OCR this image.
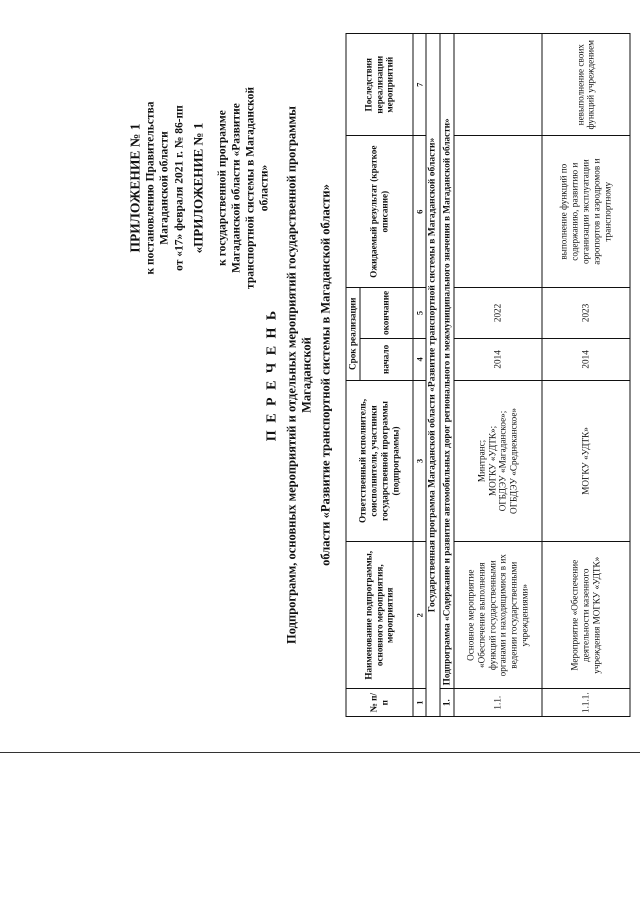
ПРИЛОЖЕНИЕ № 1 к постановлению Правительства Магаданской области от «17» февраля 2021 г. № 86-пп «ПРИЛОЖЕНИЕ № 1 к государственной программе Магаданской области «Развитие транспортной системы в Магаданской области»
П Е Р Е Ч Е Н Ь Подпрограмм, основных мероприятий и отдельных мероприятий государственной программы Магаданской области «Развитие транспортной системы в Магаданской области»
№ п/п	Наименование подпрограммы, основного мероприятия, мероприятия	Ответственный исполнитель, соисполнители, участники государственной программы (подпрограммы)	Срок реализации		Ожидаемый результат (краткое описание)	Последствия нереализации мероприятий
			начало	окончание		
1	2	3	4	5	6	7
Государственная программа Магаданской области «Развитие транспортной системы в Магаданской области»						
1.	Подпрограмма «Содержание и развитие автомобильных дорог регионального и межмуниципального значения в Магаданской области»					
1.1.	Основное мероприятие «Обеспечение выполнения функций государственными органами и находящимися в их ведении государственными учреждениями»	Минтранс; МОГКУ «УДТК»; ОГБДЭУ «Магаданское»; ОГБДЭУ «Среднеканское»	2014	2022		
1.1.1.	Мероприятие «Обеспечение деятельности казенного учреждения МОГКУ «УДТК»	МОГКУ «УДТК»	2014	2023	выполнение функций по содержанию, развитию и организации эксплуатации аэропортов и аэродромов и транспортному	невыполнение своих функций учреждением
